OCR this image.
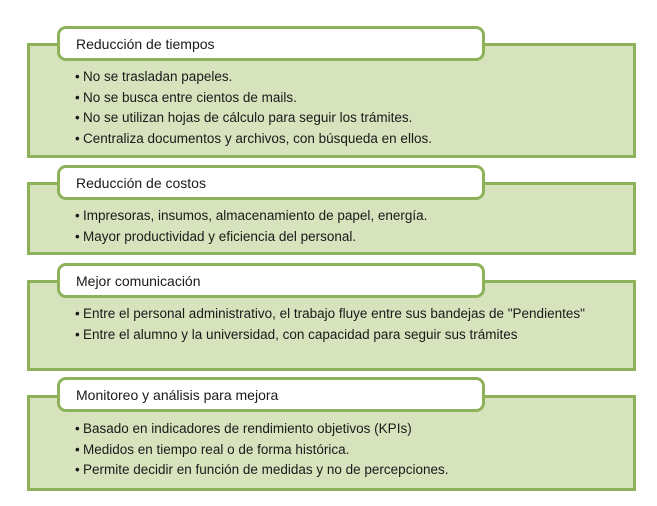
Reducción de tiempos
• No se trasladan papeles.
• No se busca entre cientos de mails.
• No se utilizan hojas de cálculo para seguir los trámites.
• Centraliza documentos y archivos, con búsqueda en ellos.
Reducción de costos
• Impresoras, insumos, almacenamiento de papel, energía.
• Mayor productividad y eficiencia del personal.
Mejor comunicación
• Entre el personal administrativo, el trabajo fluye entre sus bandejas de "Pendientes"
• Entre el alumno y la universidad, con capacidad para seguir sus trámites
Monitoreo y análisis para mejora
• Basado en indicadores de rendimiento objetivos (KPIs)
• Medidos en tiempo real o de forma histórica.
• Permite decidir en función de medidas y no de percepciones.
